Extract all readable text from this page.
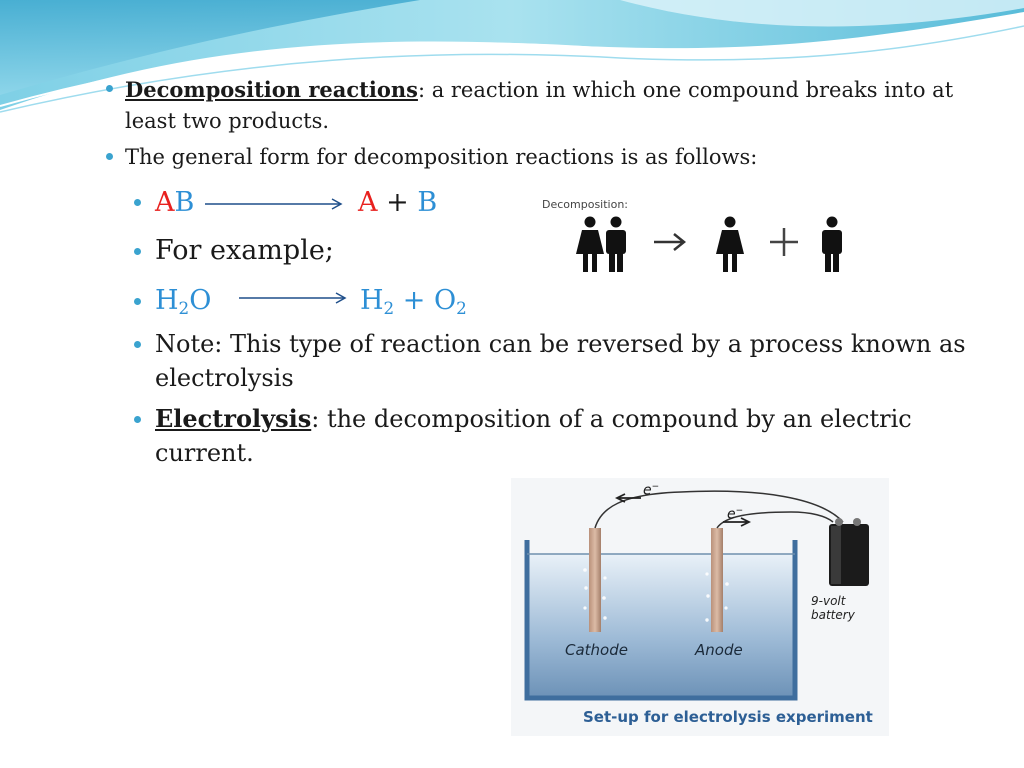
Decomposition reactions: a reaction in which one compound breaks into at least two products.
The general form for decomposition reactions is as follows:
AB	A + B
For example;
$H_2O$	$H_2 + O_2$
Note: This type of reaction can be reversed by a process known as electrolysis
Electrolysis: the decomposition of a compound by an electric current.
Decomposition:
e−
e−
9-volt battery
Cathode	Anode
Set-up for electrolysis experiment
